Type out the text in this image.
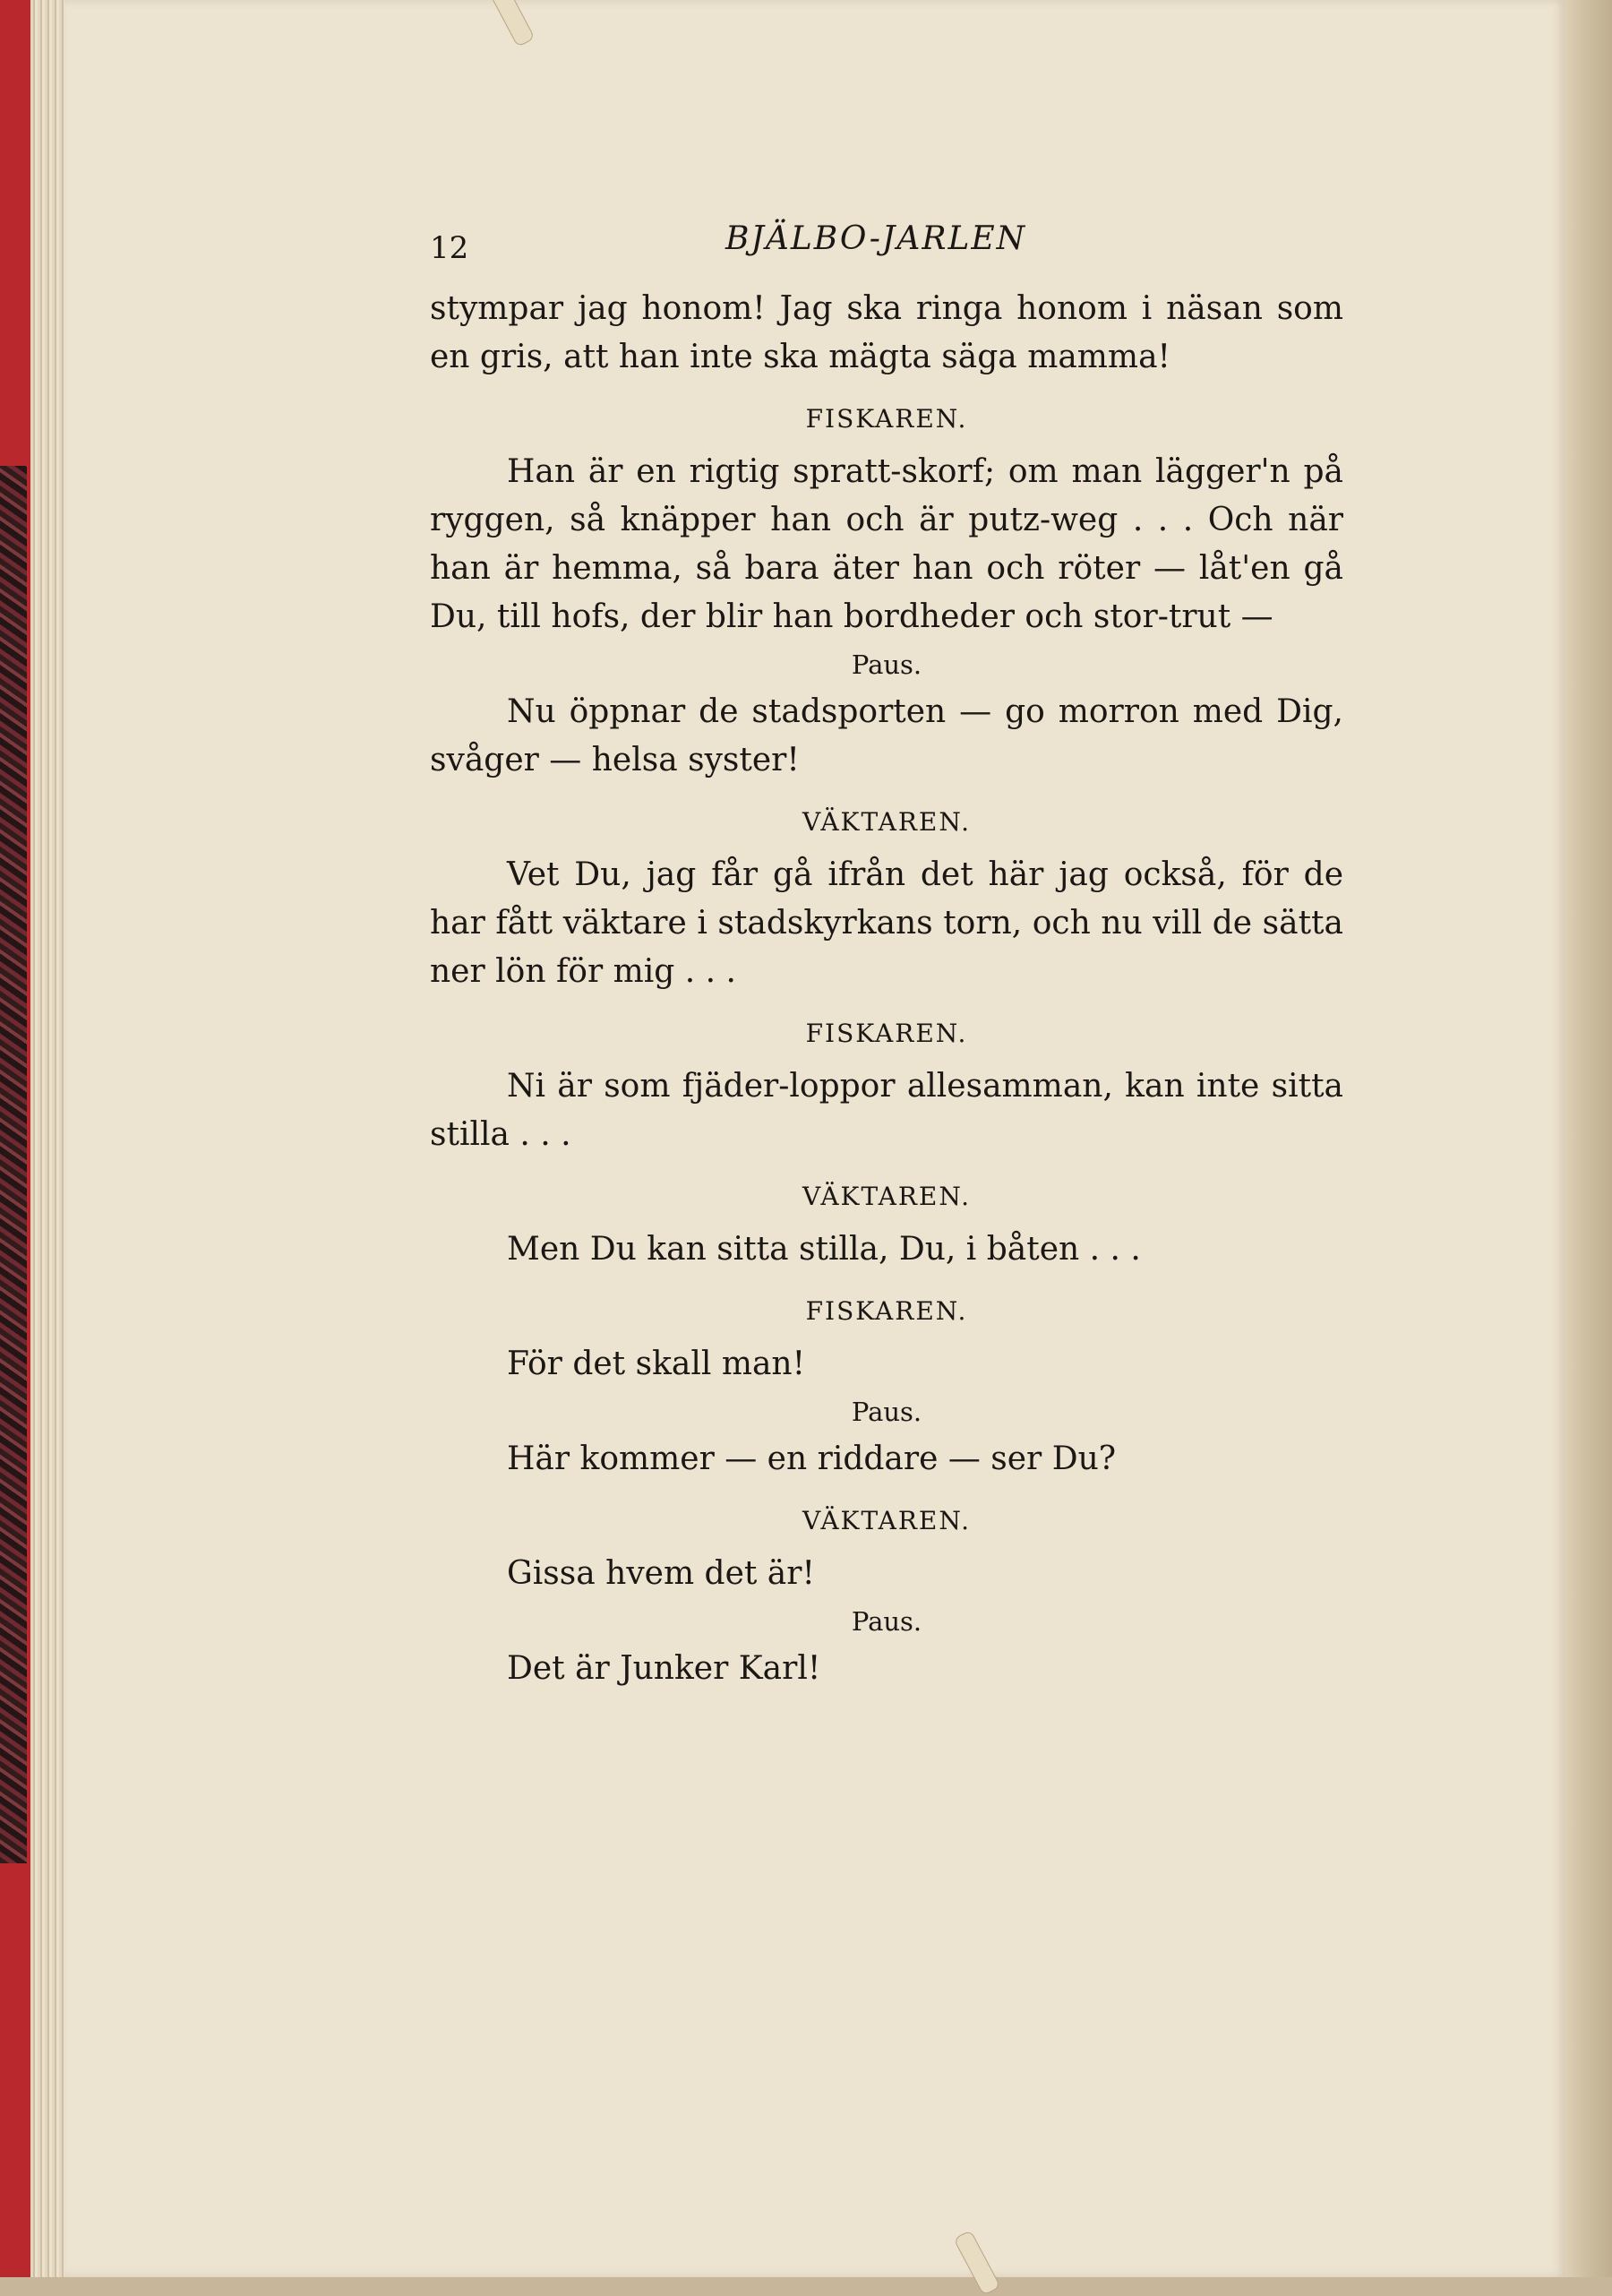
12	BJÄLBO-JARLEN

stympar jag honom! Jag ska ringa honom i näsan som en gris, att han inte ska mägta säga mamma!

FISKAREN.

Han är en rigtig spratt-skorf; om man lägger'n på ryggen, så knäpper han och är putz-weg . . . Och när han är hemma, så bara äter han och röter — låt'en gå Du, till hofs, der blir han bordheder och stor-trut —

Paus.

Nu öppnar de stadsporten — go morron med Dig, svåger — helsa syster!

VÄKTAREN.

Vet Du, jag får gå ifrån det här jag också, för de har fått väktare i stadskyrkans torn, och nu vill de sätta ner lön för mig . . .

FISKAREN.

Ni är som fjäder-loppor allesamman, kan inte sitta stilla . . .

VÄKTAREN.

Men Du kan sitta stilla, Du, i båten . . .

FISKAREN.

För det skall man!

Paus.

Här kommer — en riddare — ser Du?

VÄKTAREN.

Gissa hvem det är!

Paus.

Det är Junker Karl!
